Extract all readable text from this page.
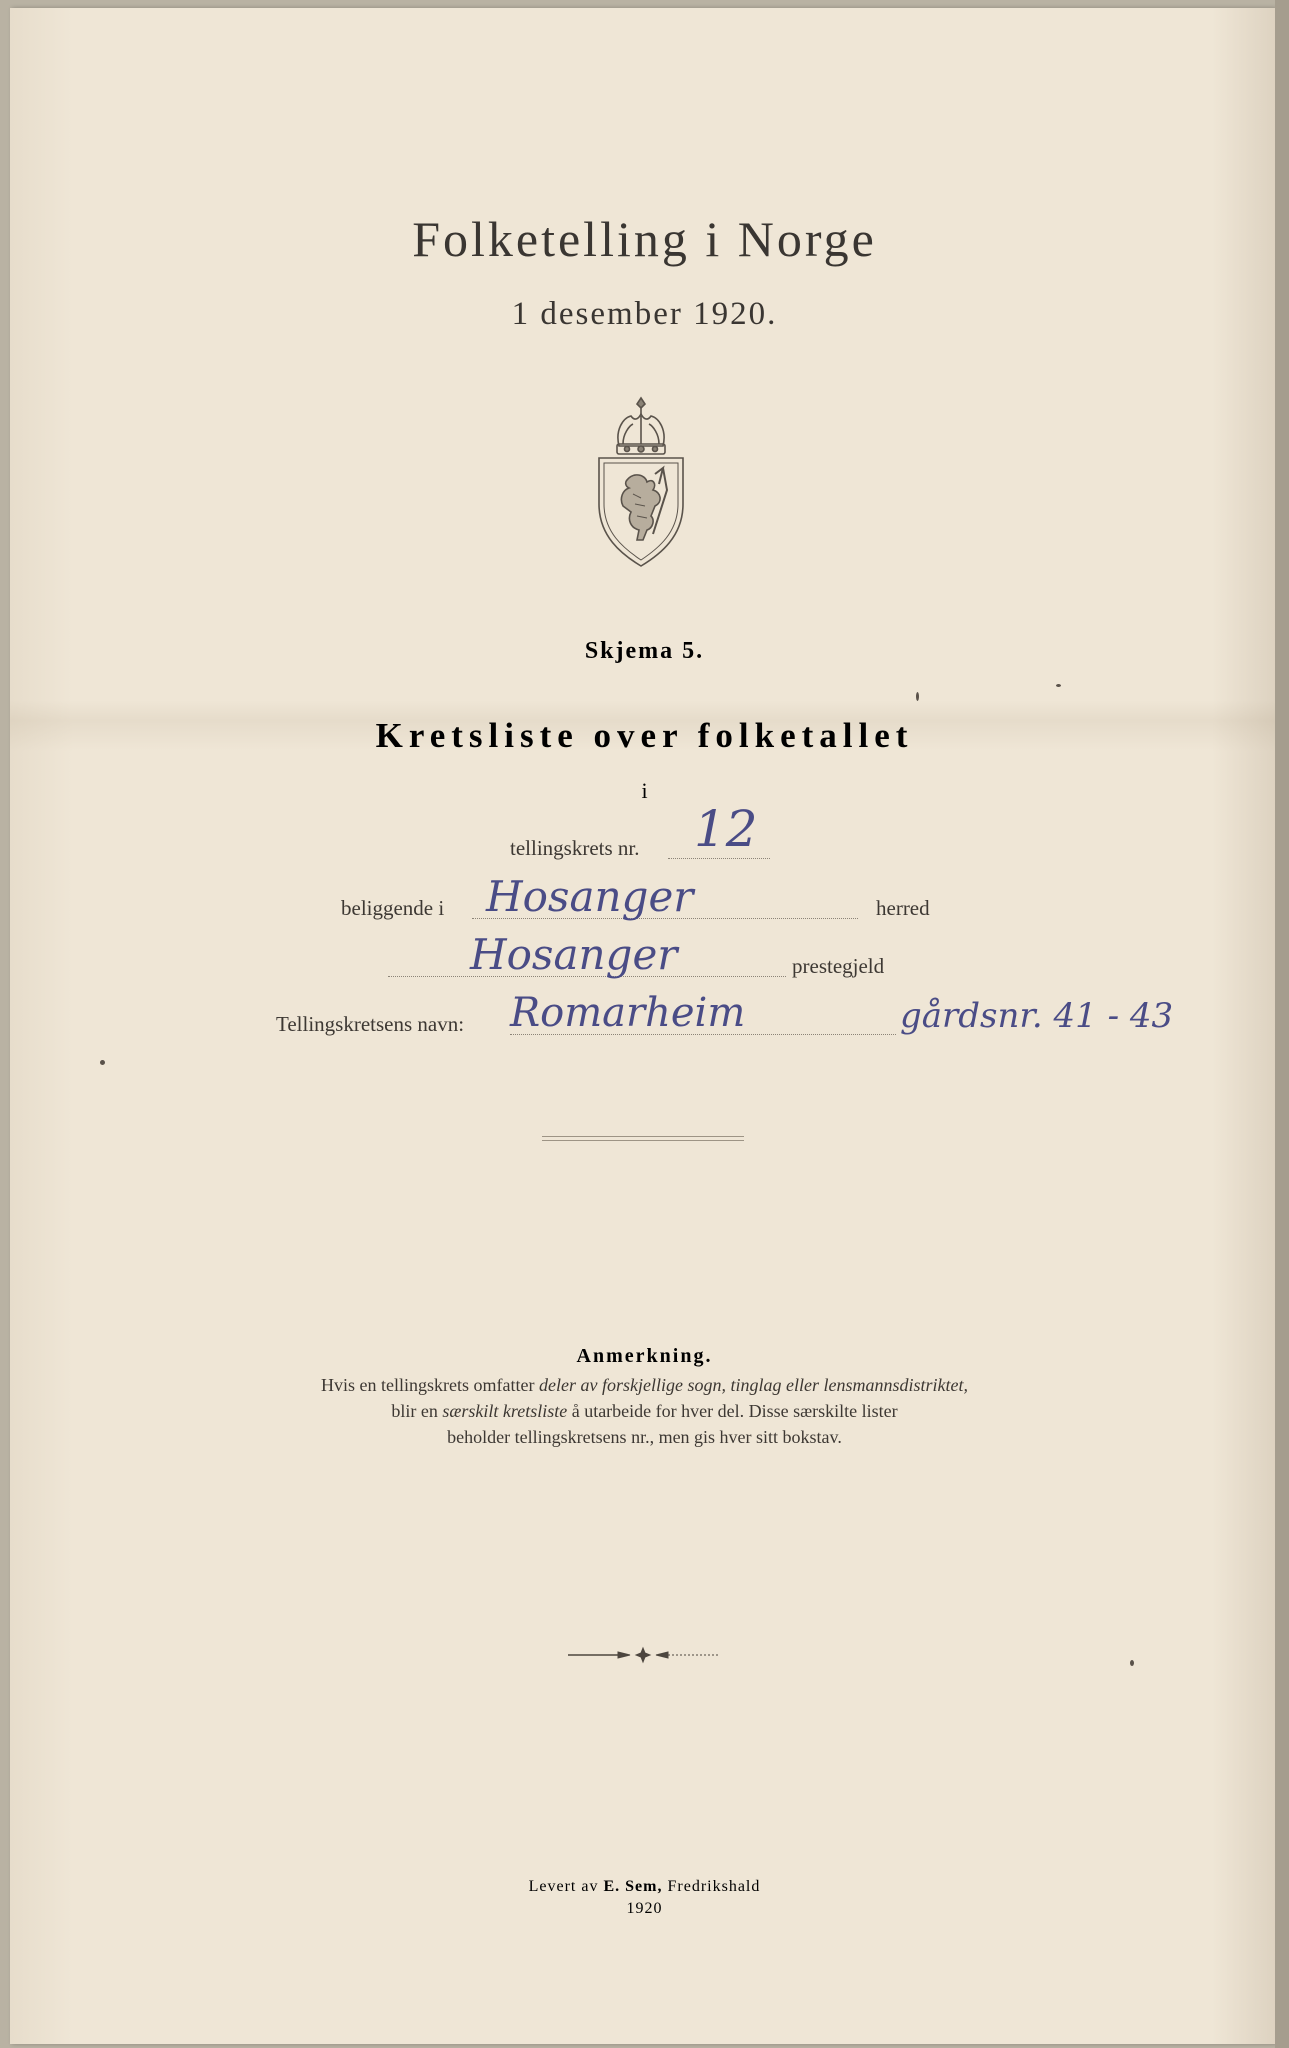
Folketelling i Norge
1 desember 1920.
Skjema 5.
Kretsliste over folketallet
i
tellingskrets nr. 12
beliggende i Hosanger	herred
Hosanger	prestegjeld
Tellingskretsens navn: Romarheim	gårdsnr. 41 - 43
Anmerkning.
Hvis en tellingskrets omfatter deler av forskjellige sogn, tinglag eller lensmannsdistriktet,
blir en særskilt kretsliste å utarbeide for hver del. Disse særskilte lister
beholder tellingskretsens nr., men gis hver sitt bokstav.
Levert av E. Sem, Fredrikshald
1920
